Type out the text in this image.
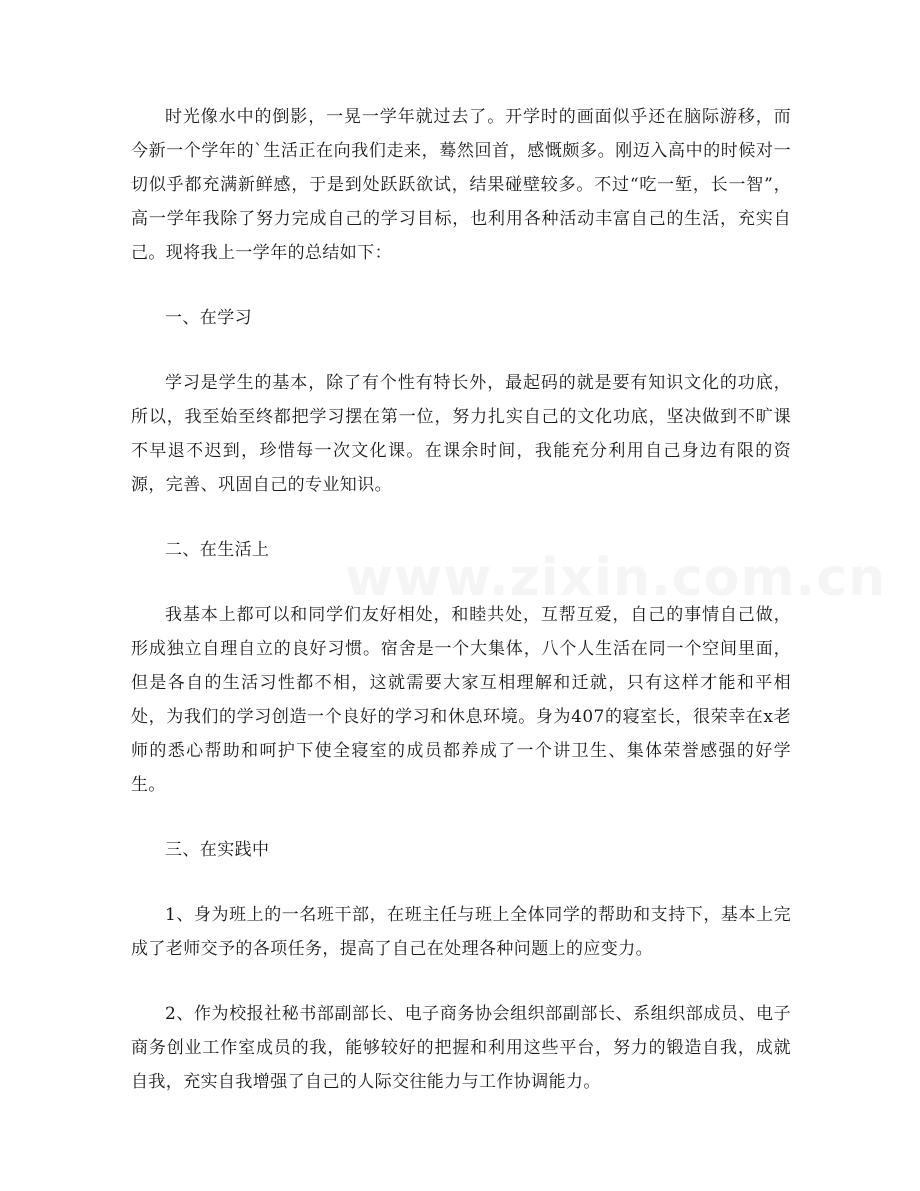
时光像水中的倒影，一晃一学年就过去了。开学时的画面似乎还在脑际游移，而今新一个学年的`生活正在向我们走来，蓦然回首，感慨颇多。刚迈入高中的时候对一切似乎都充满新鲜感，于是到处跃跃欲试，结果碰壁较多。不过“吃一堑，长一智”，高一学年我除了努力完成自己的学习目标，也利用各种活动丰富自己的生活，充实自己。现将我上一学年的总结如下：

一、在学习

学习是学生的基本，除了有个性有特长外，最起码的就是要有知识文化的功底，所以，我至始至终都把学习摆在第一位，努力扎实自己的文化功底，坚决做到不旷课不早退不迟到，珍惜每一次文化课。在课余时间，我能充分利用自己身边有限的资源，完善、巩固自己的专业知识。

二、在生活上

我基本上都可以和同学们友好相处，和睦共处，互帮互爱，自己的事情自己做，形成独立自理自立的良好习惯。宿舍是一个大集体，八个人生活在同一个空间里面，但是各自的生活习性都不相，这就需要大家互相理解和迁就，只有这样才能和平相处，为我们的学习创造一个良好的学习和休息环境。身为407的寝室长，很荣幸在x老师的悉心帮助和呵护下使全寝室的成员都养成了一个讲卫生、集体荣誉感强的好学生。

三、在实践中

1、身为班上的一名班干部，在班主任与班上全体同学的帮助和支持下，基本上完成了老师交予的各项任务，提高了自己在处理各种问题上的应变力。

2、作为校报社秘书部副部长、电子商务协会组织部副部长、系组织部成员、电子商务创业工作室成员的我，能够较好的把握和利用这些平台，努力的锻造自我，成就自我，充实自我增强了自己的人际交往能力与工作协调能力。

www.zixin.com.cn
